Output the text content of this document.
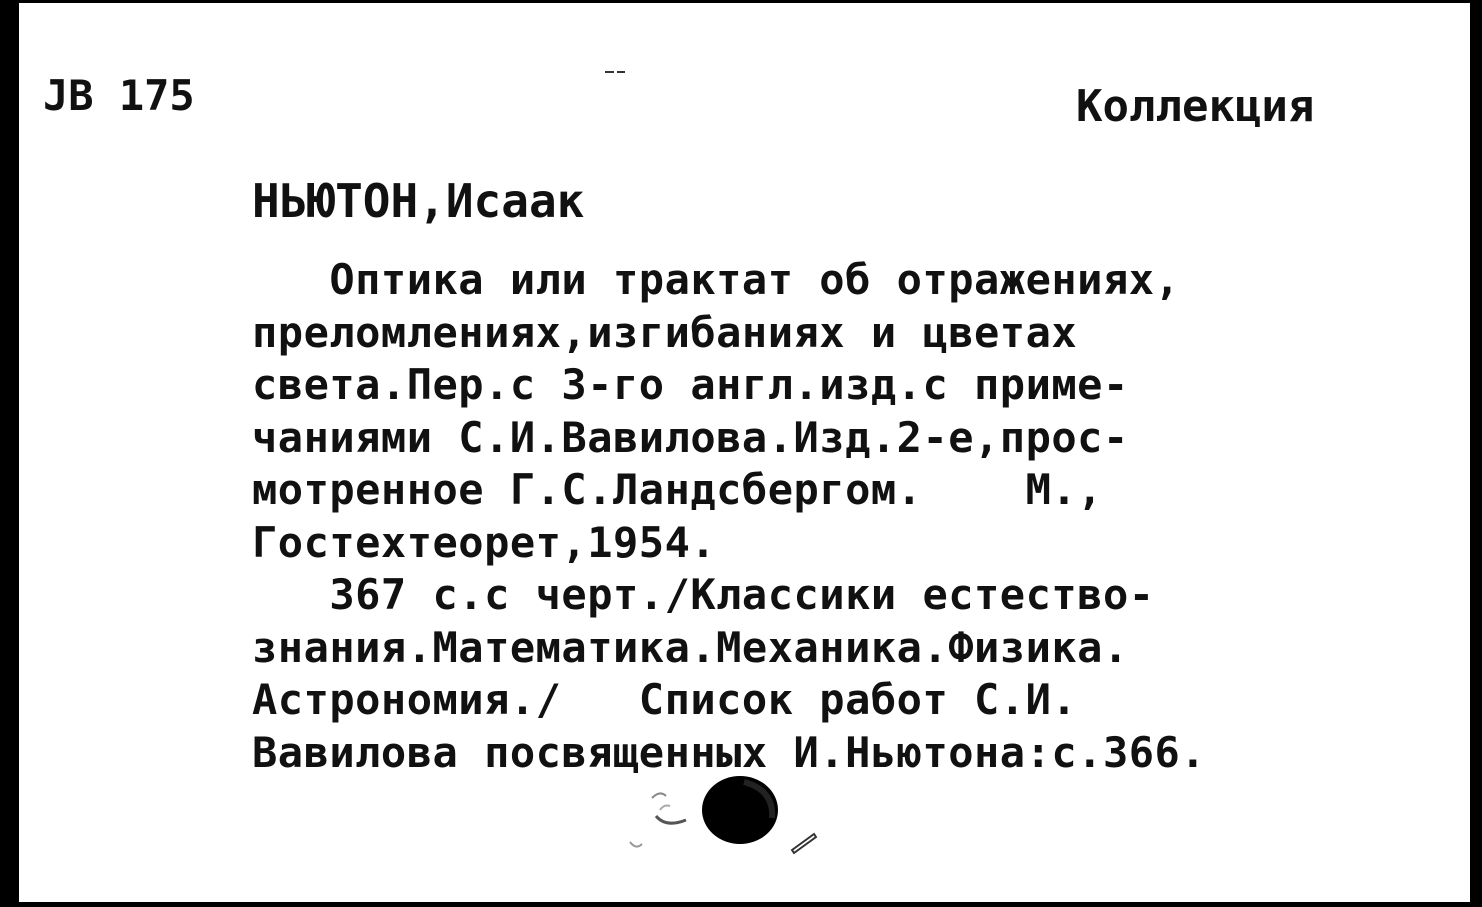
JB 175	Коллекция
НЬЮТОН,Исаак
Оптика или трактат об отражениях,
преломлениях,изгибаниях и цветах
света.Пер.с 3-го англ.изд.с приме-
чаниями С.И.Вавилова.Изд.2-е,прос-
мотренное Г.С.Ландсбергом.    М.,
Гостехтеорет,1954.
367 с.с черт./Классики естество-
знания.Математика.Механика.Физика.
Астрономия./   Список работ С.И.
Вавилова посвященных И.Ньютона:с.366.
